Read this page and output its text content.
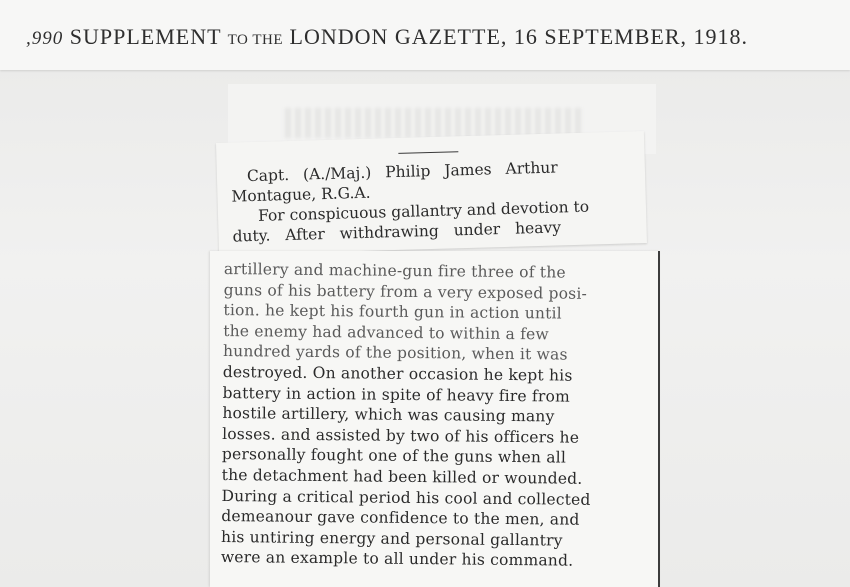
,990 SUPPLEMENT TO THE LONDON GAZETTE, 16 SEPTEMBER, 1918.
Capt. (A./Maj.) Philip James Arthur
Montague, R.G.A.
For conspicuous gallantry and devotion to
duty. After withdrawing under heavy
artillery and machine-gun fire three of the
guns of his battery from a very exposed posi-
tion. he kept his fourth gun in action until
the enemy had advanced to within a few
hundred yards of the position, when it was
destroyed. On another occasion he kept his
battery in action in spite of heavy fire from
hostile artillery, which was causing many
losses. and assisted by two of his officers he
personally fought one of the guns when all
the detachment had been killed or wounded.
During a critical period his cool and collected
demeanour gave confidence to the men, and
his untiring energy and personal gallantry
were an example to all under his command.
